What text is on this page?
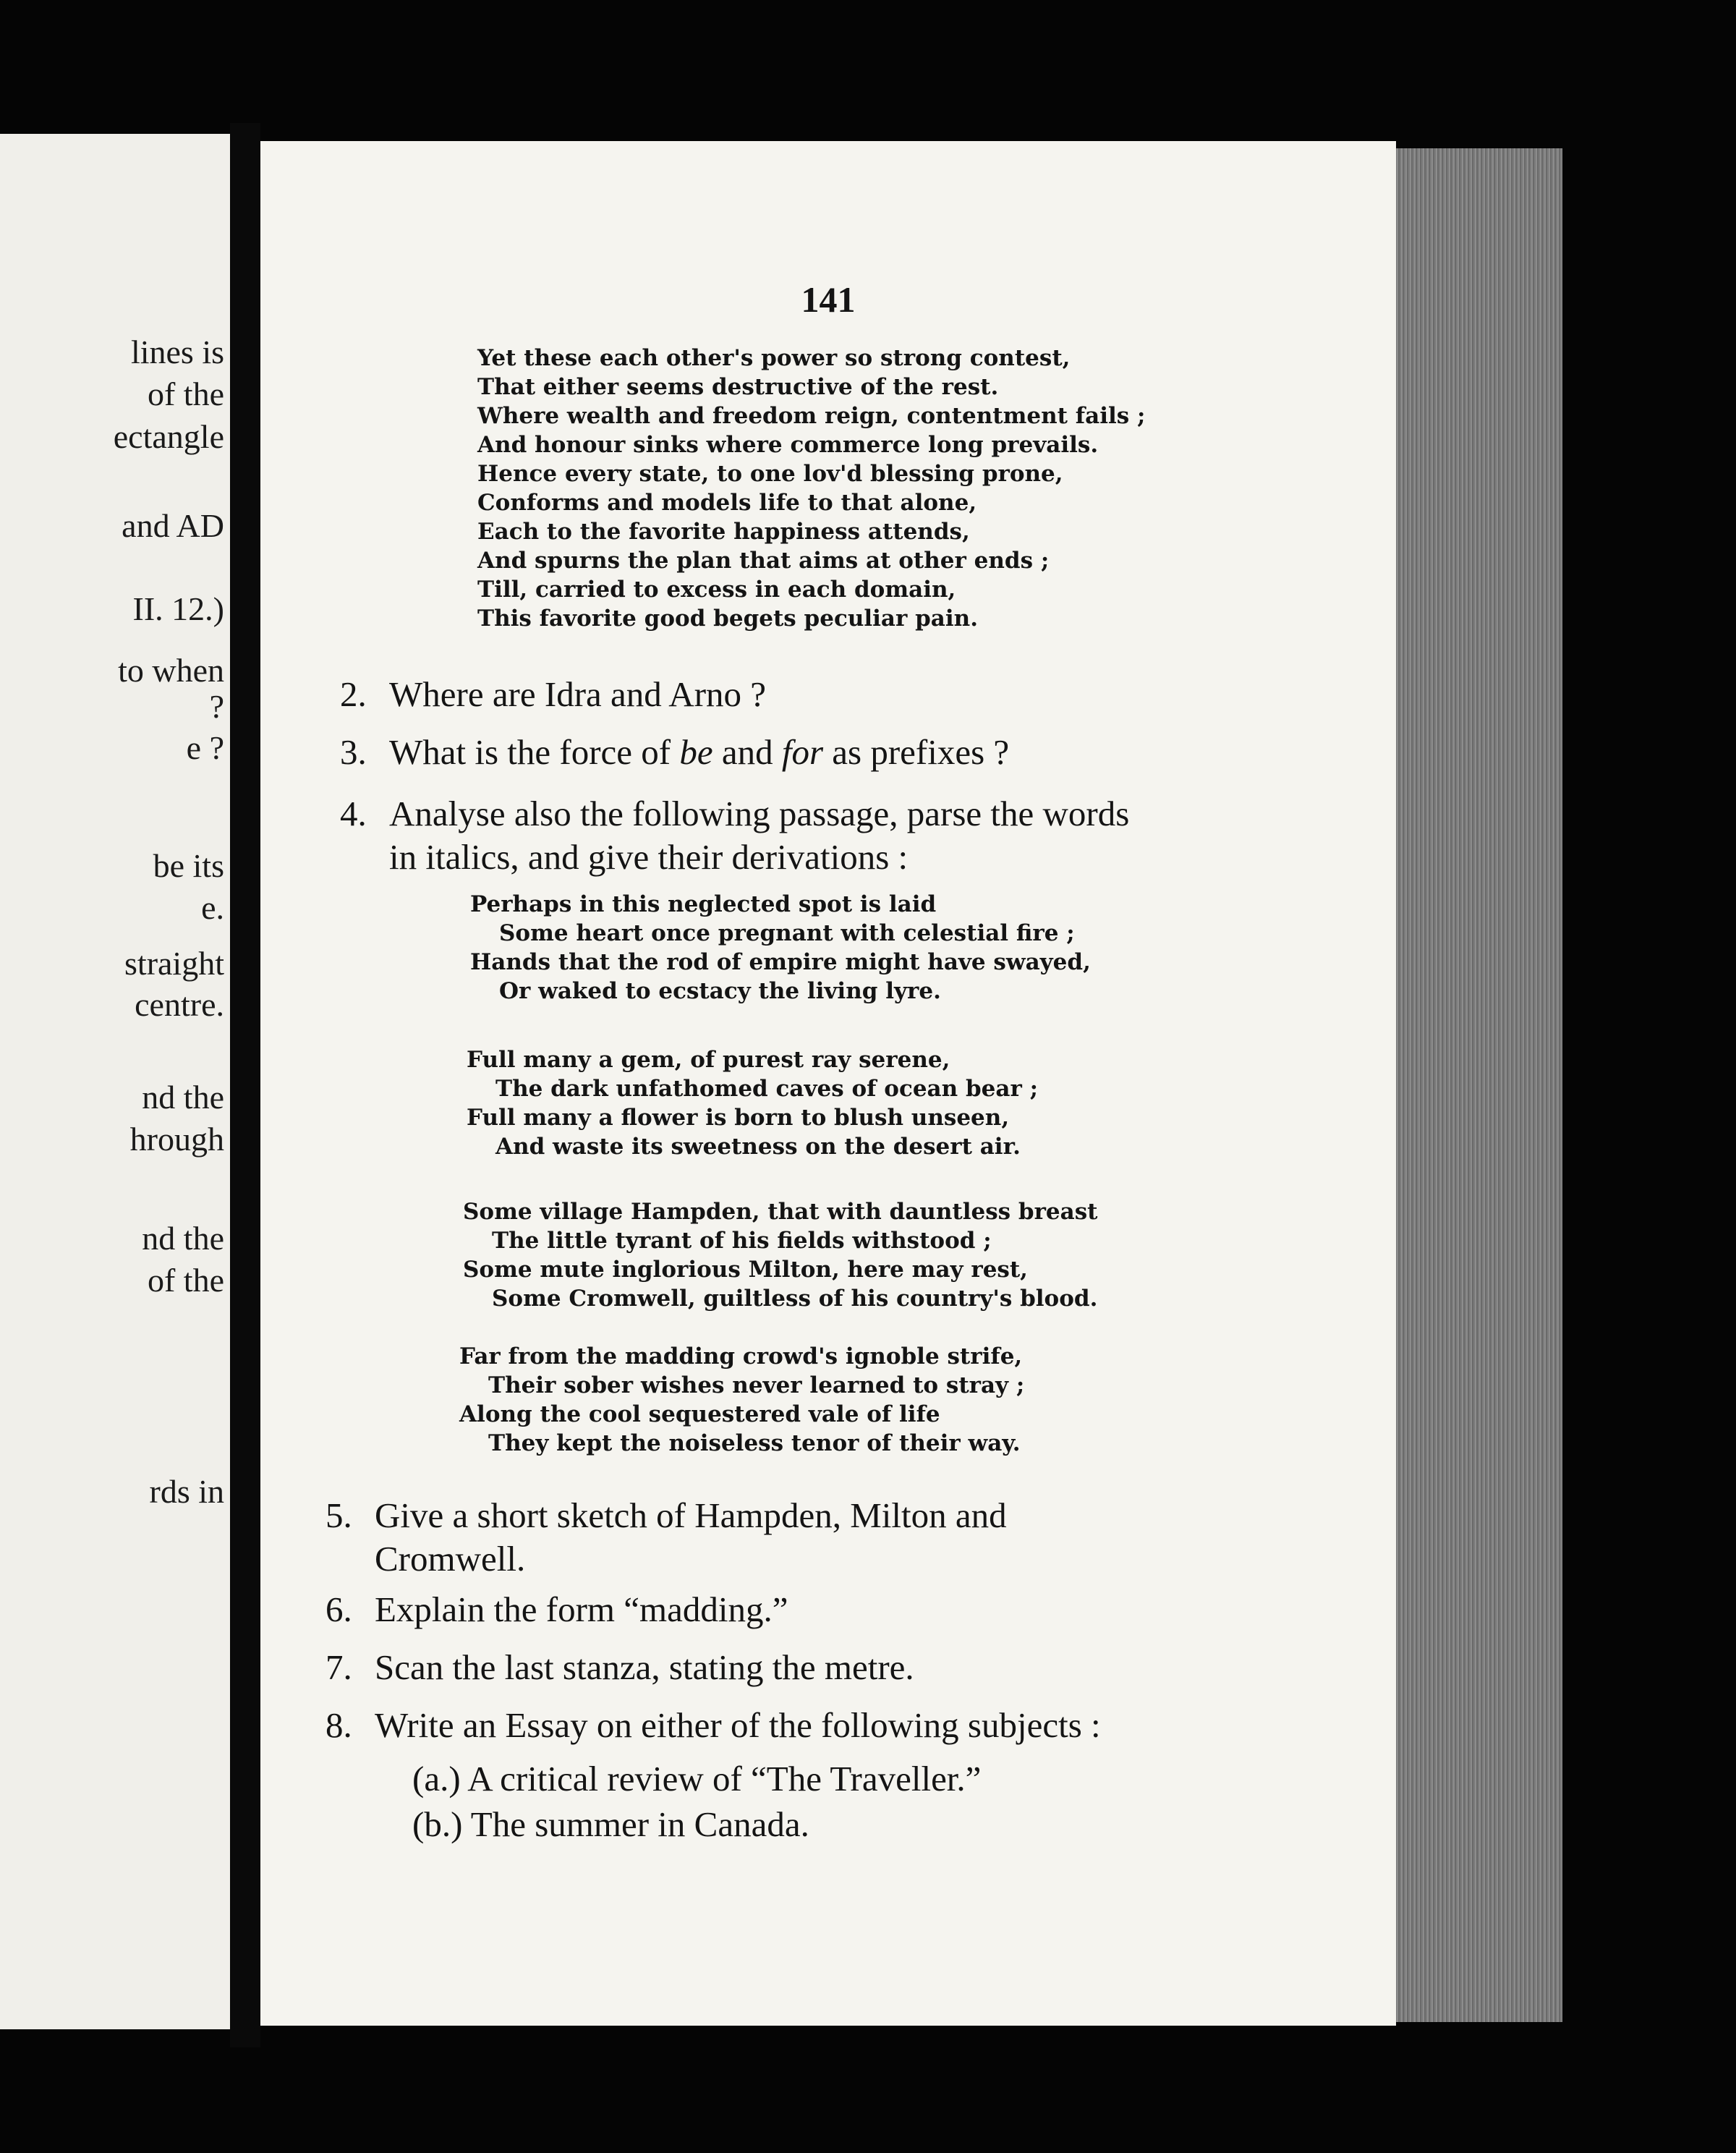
lines is
of the
ectangle
and AD
II. 12.)
to when
?
e ?
be its
e.
straight
centre.
nd the
hrough
nd the
of the
rds in
141
Yet these each other's power so strong contest,
That either seems destructive of the rest.
Where wealth and freedom reign, contentment fails ;
And honour sinks where commerce long prevails.
Hence every state, to one lov'd blessing prone,
Conforms and models life to that alone,
Each to the favorite happiness attends,
And spurns the plan that aims at other ends ;
Till, carried to excess in each domain,
This favorite good begets peculiar pain.
2. Where are Idra and Arno ?
3. What is the force of be and for as prefixes ?
4. Analyse also the following passage, parse the words
in italics, and give their derivations :
Perhaps in this neglected spot is laid
Some heart once pregnant with celestial fire ;
Hands that the rod of empire might have swayed,
Or waked to ecstacy the living lyre.
Full many a gem, of purest ray serene,
The dark unfathomed caves of ocean bear ;
Full many a flower is born to blush unseen,
And waste its sweetness on the desert air.
Some village Hampden, that with dauntless breast
The little tyrant of his fields withstood ;
Some mute inglorious Milton, here may rest,
Some Cromwell, guiltless of his country's blood.
Far from the madding crowd's ignoble strife,
Their sober wishes never learned to stray ;
Along the cool sequestered vale of life
They kept the noiseless tenor of their way.
5. Give a short sketch of Hampden, Milton and
Cromwell.
6. Explain the form “madding.”
7. Scan the last stanza, stating the metre.
8. Write an Essay on either of the following subjects :
(a.) A critical review of “The Traveller.”
(b.) The summer in Canada.
